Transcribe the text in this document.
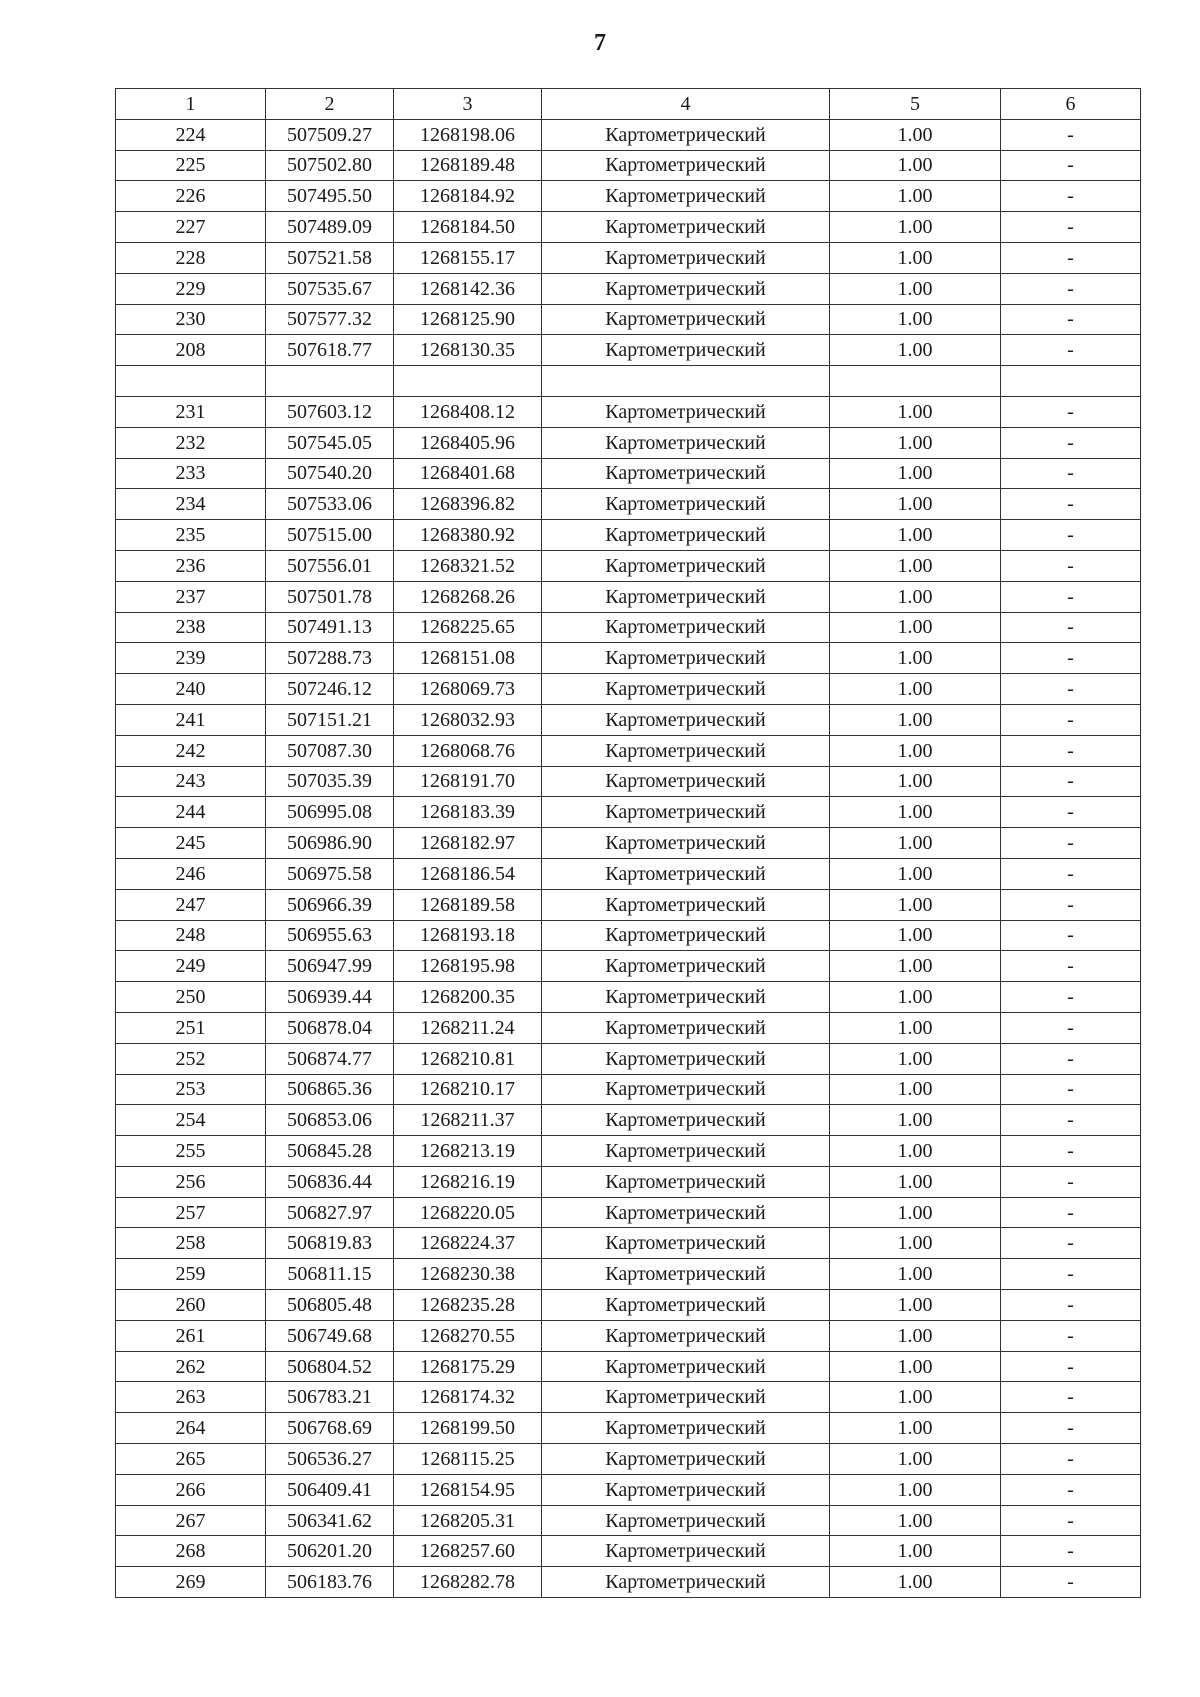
7
1	2	3	4	5	6
224	507509.27	1268198.06	Картометрический	1.00	-
225	507502.80	1268189.48	Картометрический	1.00	-
226	507495.50	1268184.92	Картометрический	1.00	-
227	507489.09	1268184.50	Картометрический	1.00	-
228	507521.58	1268155.17	Картометрический	1.00	-
229	507535.67	1268142.36	Картометрический	1.00	-
230	507577.32	1268125.90	Картометрический	1.00	-
208	507618.77	1268130.35	Картометрический	1.00	-

231	507603.12	1268408.12	Картометрический	1.00	-
232	507545.05	1268405.96	Картометрический	1.00	-
233	507540.20	1268401.68	Картометрический	1.00	-
234	507533.06	1268396.82	Картометрический	1.00	-
235	507515.00	1268380.92	Картометрический	1.00	-
236	507556.01	1268321.52	Картометрический	1.00	-
237	507501.78	1268268.26	Картометрический	1.00	-
238	507491.13	1268225.65	Картометрический	1.00	-
239	507288.73	1268151.08	Картометрический	1.00	-
240	507246.12	1268069.73	Картометрический	1.00	-
241	507151.21	1268032.93	Картометрический	1.00	-
242	507087.30	1268068.76	Картометрический	1.00	-
243	507035.39	1268191.70	Картометрический	1.00	-
244	506995.08	1268183.39	Картометрический	1.00	-
245	506986.90	1268182.97	Картометрический	1.00	-
246	506975.58	1268186.54	Картометрический	1.00	-
247	506966.39	1268189.58	Картометрический	1.00	-
248	506955.63	1268193.18	Картометрический	1.00	-
249	506947.99	1268195.98	Картометрический	1.00	-
250	506939.44	1268200.35	Картометрический	1.00	-
251	506878.04	1268211.24	Картометрический	1.00	-
252	506874.77	1268210.81	Картометрический	1.00	-
253	506865.36	1268210.17	Картометрический	1.00	-
254	506853.06	1268211.37	Картометрический	1.00	-
255	506845.28	1268213.19	Картометрический	1.00	-
256	506836.44	1268216.19	Картометрический	1.00	-
257	506827.97	1268220.05	Картометрический	1.00	-
258	506819.83	1268224.37	Картометрический	1.00	-
259	506811.15	1268230.38	Картометрический	1.00	-
260	506805.48	1268235.28	Картометрический	1.00	-
261	506749.68	1268270.55	Картометрический	1.00	-
262	506804.52	1268175.29	Картометрический	1.00	-
263	506783.21	1268174.32	Картометрический	1.00	-
264	506768.69	1268199.50	Картометрический	1.00	-
265	506536.27	1268115.25	Картометрический	1.00	-
266	506409.41	1268154.95	Картометрический	1.00	-
267	506341.62	1268205.31	Картометрический	1.00	-
268	506201.20	1268257.60	Картометрический	1.00	-
269	506183.76	1268282.78	Картометрический	1.00	-
